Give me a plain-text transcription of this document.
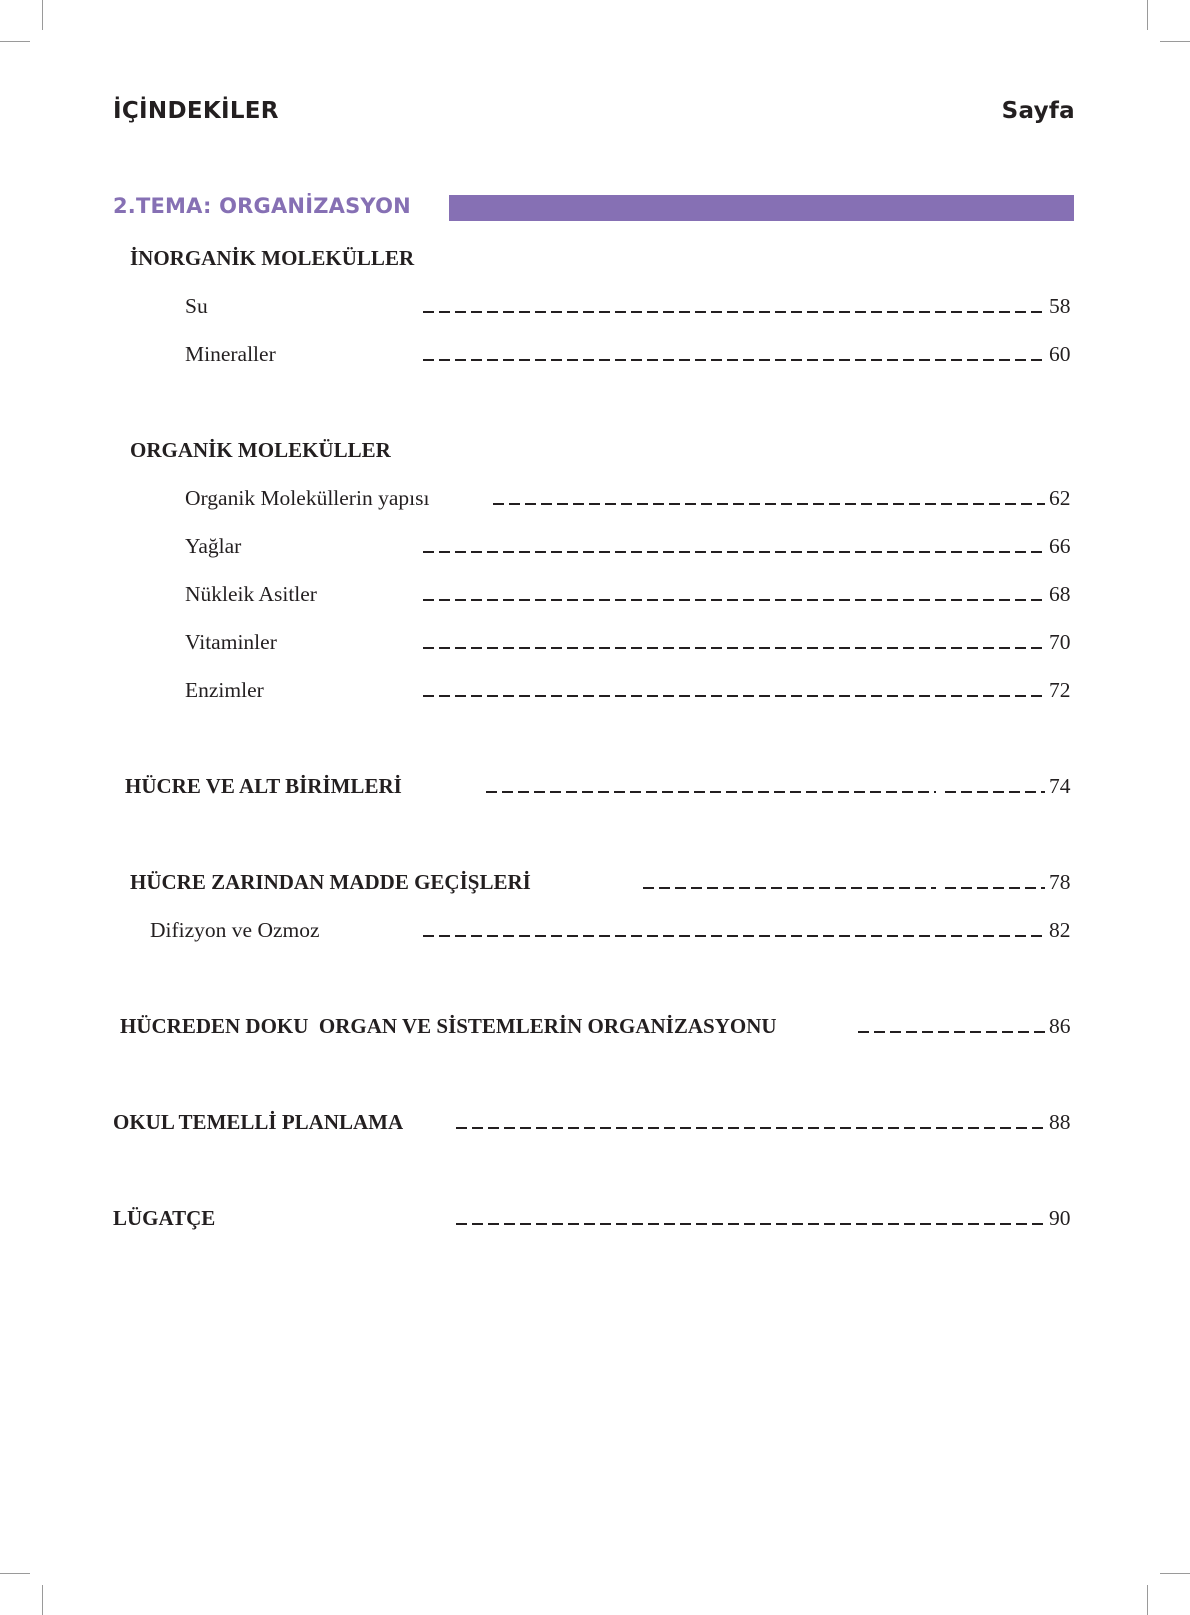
İÇİNDEKİLER	Sayfa
2.TEMA: ORGANİZASYON
İNORGANİK MOLEKÜLLER
Su	58
Mineraller	60
ORGANİK MOLEKÜLLER
Organik Moleküllerin yapısı	62
Yağlar	66
Nükleik Asitler	68
Vitaminler	70
Enzimler	72
HÜCRE VE ALT BİRİMLERİ	74
HÜCRE ZARINDAN MADDE GEÇİŞLERİ	78
Difizyon ve Ozmoz	82
HÜCREDEN DOKU  ORGAN VE SİSTEMLERİN ORGANİZASYONU	86
OKUL TEMELLİ PLANLAMA	88
LÜGATÇE	90
